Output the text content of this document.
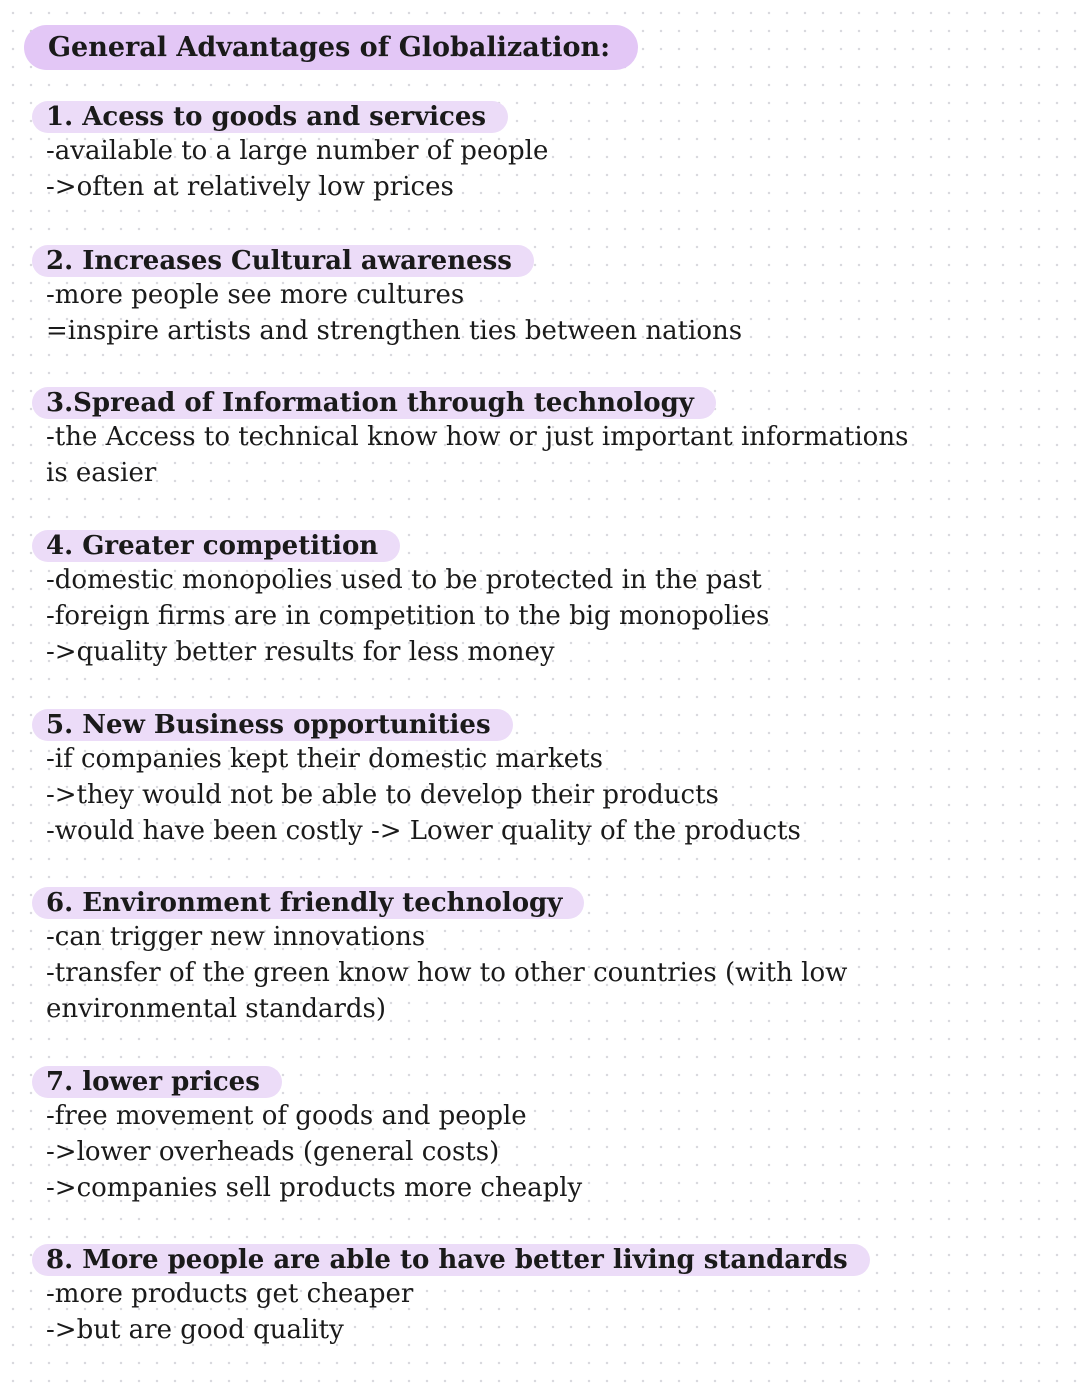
General Advantages of Globalization:
1. Acess to goods and services
-available to a large number of people
->often at relatively low prices
2. Increases Cultural awareness
-more people see more cultures
=inspire artists and strengthen ties between nations
3.Spread of Information through technology
-the Access to technical know how or just important informations
is easier
4. Greater competition
-domestic monopolies used to be protected in the past
-foreign firms are in competition to the big monopolies
->quality better results for less money
5. New Business opportunities
-if companies kept their domestic markets
->they would not be able to develop their products
-would have been costly -> Lower quality of the products
6. Environment friendly technology
-can trigger new innovations
-transfer of the green know how to other countries (with low
environmental standards)
7. lower prices
-free movement of goods and people
->lower overheads (general costs)
->companies sell products more cheaply
8. More people are able to have better living standards
-more products get cheaper
->but are good quality
